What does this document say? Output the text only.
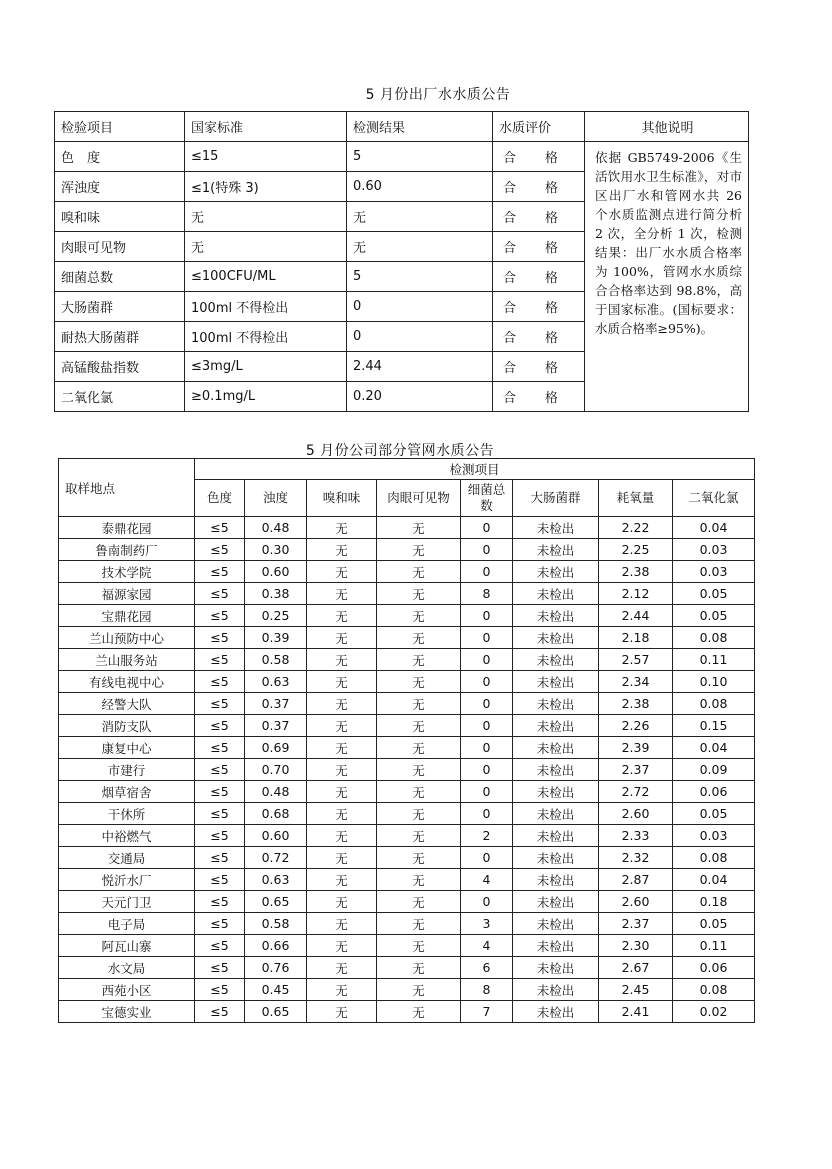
5 月份出厂水水质公告
检验项目	国家标准	检测结果	水质评价	其他说明
色　度	≤15	5	合　格	依据 GB5749-2006《生活饮用水卫生标准》，对市区出厂水和管网水共 26 个水质监测点进行简分析 2 次，全分析 1 次，检测结果：出厂水水质合格率为 100%，管网水水质综合合格率达到 98.8%，高于国家标准。(国标要求：水质合格率≥95%)。
浑浊度	≤1(特殊 3)	0.60	合　格	
嗅和味	无	无	合　格	
肉眼可见物	无	无	合　格	
细菌总数	≤100CFU/ML	5	合　格	
大肠菌群	100ml 不得检出	0	合　格	
耐热大肠菌群	100ml 不得检出	0	合　格	
高锰酸盐指数	≤3mg/L	2.44	合　格	
二氧化氯	≥0.1mg/L	0.20	合　格	
5 月份公司部分管网水质公告
取样地点	检测项目							
	色度	浊度	嗅和味	肉眼可见物	细菌总数	大肠菌群	耗氧量	二氧化氯
泰鼎花园	≤5	0.48	无	无	0	未检出	2.22	0.04
鲁南制药厂	≤5	0.30	无	无	0	未检出	2.25	0.03
技术学院	≤5	0.60	无	无	0	未检出	2.38	0.03
福源家园	≤5	0.38	无	无	8	未检出	2.12	0.05
宝鼎花园	≤5	0.25	无	无	0	未检出	2.44	0.05
兰山预防中心	≤5	0.39	无	无	0	未检出	2.18	0.08
兰山服务站	≤5	0.58	无	无	0	未检出	2.57	0.11
有线电视中心	≤5	0.63	无	无	0	未检出	2.34	0.10
经警大队	≤5	0.37	无	无	0	未检出	2.38	0.08
消防支队	≤5	0.37	无	无	0	未检出	2.26	0.15
康复中心	≤5	0.69	无	无	0	未检出	2.39	0.04
市建行	≤5	0.70	无	无	0	未检出	2.37	0.09
烟草宿舍	≤5	0.48	无	无	0	未检出	2.72	0.06
干休所	≤5	0.68	无	无	0	未检出	2.60	0.05
中裕燃气	≤5	0.60	无	无	2	未检出	2.33	0.03
交通局	≤5	0.72	无	无	0	未检出	2.32	0.08
悦沂水厂	≤5	0.63	无	无	4	未检出	2.87	0.04
天元门卫	≤5	0.65	无	无	0	未检出	2.60	0.18
电子局	≤5	0.58	无	无	3	未检出	2.37	0.05
阿瓦山寨	≤5	0.66	无	无	4	未检出	2.30	0.11
水文局	≤5	0.76	无	无	6	未检出	2.67	0.06
西苑小区	≤5	0.45	无	无	8	未检出	2.45	0.08
宝德实业	≤5	0.65	无	无	7	未检出	2.41	0.02
